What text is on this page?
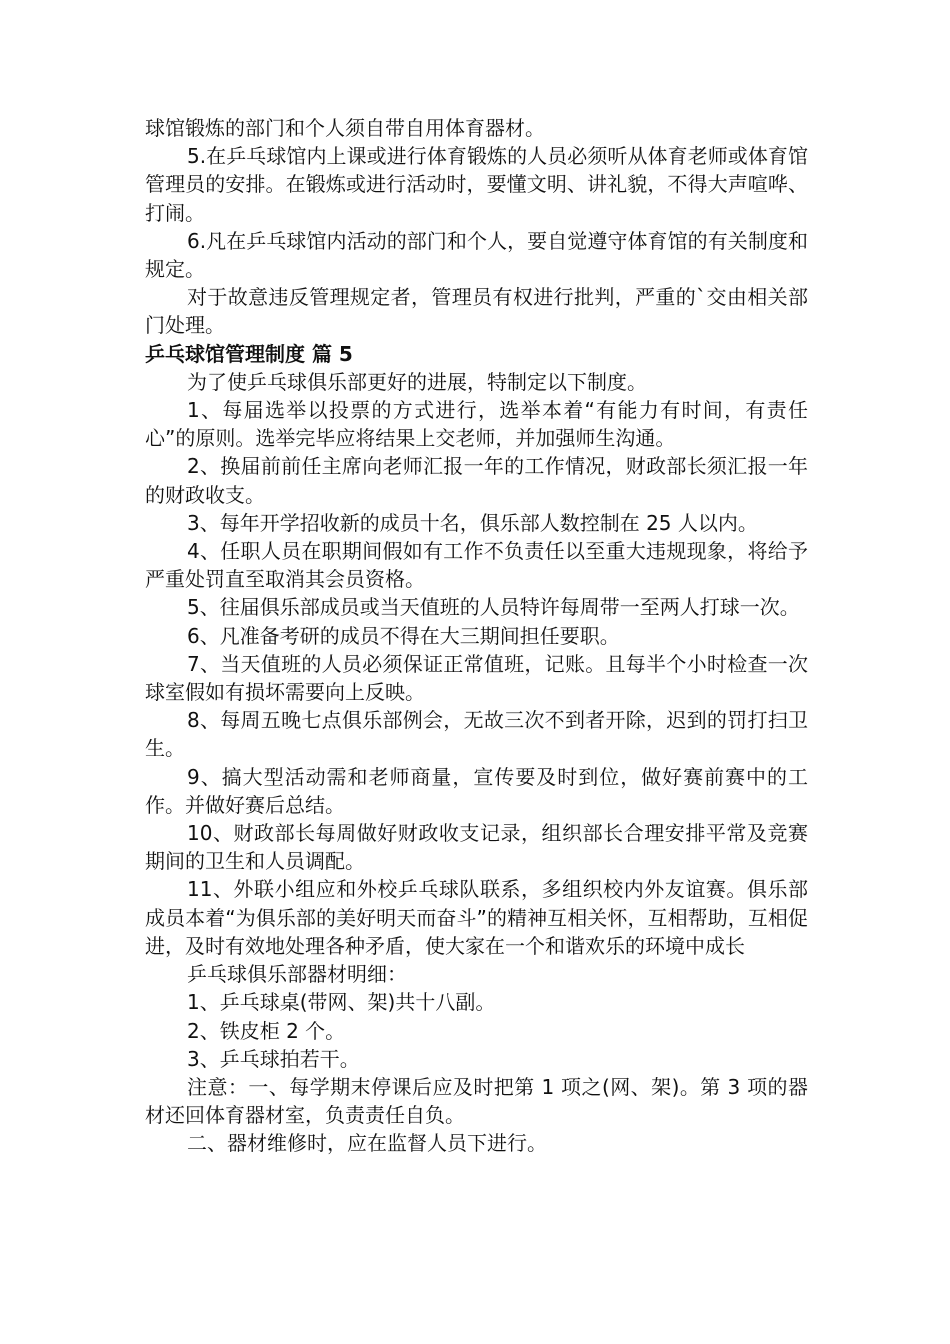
球馆锻炼的部门和个人须自带自用体育器材。

5.在乒乓球馆内上课或进行体育锻炼的人员必须听从体育老师或体育馆管理员的安排。在锻炼或进行活动时，要懂文明、讲礼貌，不得大声喧哗、打闹。

6.凡在乒乓球馆内活动的部门和个人，要自觉遵守体育馆的有关制度和规定。

对于故意违反管理规定者，管理员有权进行批判，严重的`交由相关部门处理。

乒乓球馆管理制度 篇 5

为了使乒乓球俱乐部更好的进展，特制定以下制度。

1、每届选举以投票的方式进行，选举本着“有能力有时间，有责任心”的原则。选举完毕应将结果上交老师，并加强师生沟通。

2、换届前前任主席向老师汇报一年的工作情况，财政部长须汇报一年的财政收支。

3、每年开学招收新的成员十名，俱乐部人数控制在 25 人以内。

4、任职人员在职期间假如有工作不负责任以至重大违规现象，将给予严重处罚直至取消其会员资格。

5、往届俱乐部成员或当天值班的人员特许每周带一至两人打球一次。

6、凡准备考研的成员不得在大三期间担任要职。

7、当天值班的人员必须保证正常值班，记账。且每半个小时检查一次球室假如有损坏需要向上反映。

8、每周五晚七点俱乐部例会，无故三次不到者开除，迟到的罚打扫卫生。

9、搞大型活动需和老师商量，宣传要及时到位，做好赛前赛中的工作。并做好赛后总结。

10、财政部长每周做好财政收支记录，组织部长合理安排平常及竞赛期间的卫生和人员调配。

11、外联小组应和外校乒乓球队联系，多组织校内外友谊赛。俱乐部成员本着“为俱乐部的美好明天而奋斗”的精神互相关怀，互相帮助，互相促进，及时有效地处理各种矛盾，使大家在一个和谐欢乐的环境中成长

乒乓球俱乐部器材明细：

1、乒乓球桌(带网、架)共十八副。

2、铁皮柜 2 个。

3、乒乓球拍若干。

注意：一、每学期末停课后应及时把第 1 项之(网、架)。第 3 项的器材还回体育器材室，负责责任自负。

二、器材维修时，应在监督人员下进行。
